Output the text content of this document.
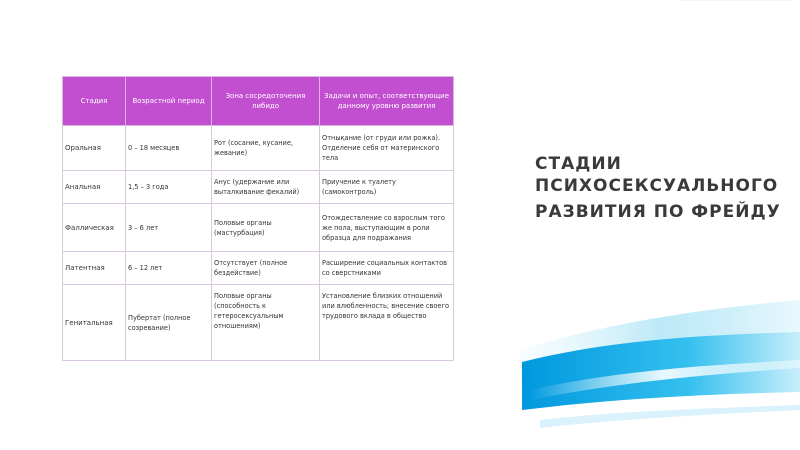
Стадия	Возрастной период	Зона сосредоточения либидо	Задачи и опыт, соответствующие данному уровню развития
Оральная	0 – 18 месяцев	Рот (сосание, кусание, жевание)	Отнықание (от груди или рожка). Отделение себя от материнского тела
Анальная	1,5 – 3 года	Анус (удержание или выталкивание фекалий)	Приучение к туалету (самоконтроль)
Фаллическая	3 – 6 лет	Половые органы (мастурбация)	Отождествление со взрослым того же пола, выступающим в роли образца для подражания
Латентная	6 – 12 лет	Отсутствует (полное бездействие)	Расширение социальных контактов со сверстниками
Генитальная	Пубертат (полное созревание)	Половые органы (способность к гетеросексуальным отношениям)	Установление близких отношений или влюбленность; внесение своего трудового вклада в общество
СТАДИИ
ПСИХОСЕКСУАЛЬНОГО
РАЗВИТИЯ ПО ФРЕЙДУ
